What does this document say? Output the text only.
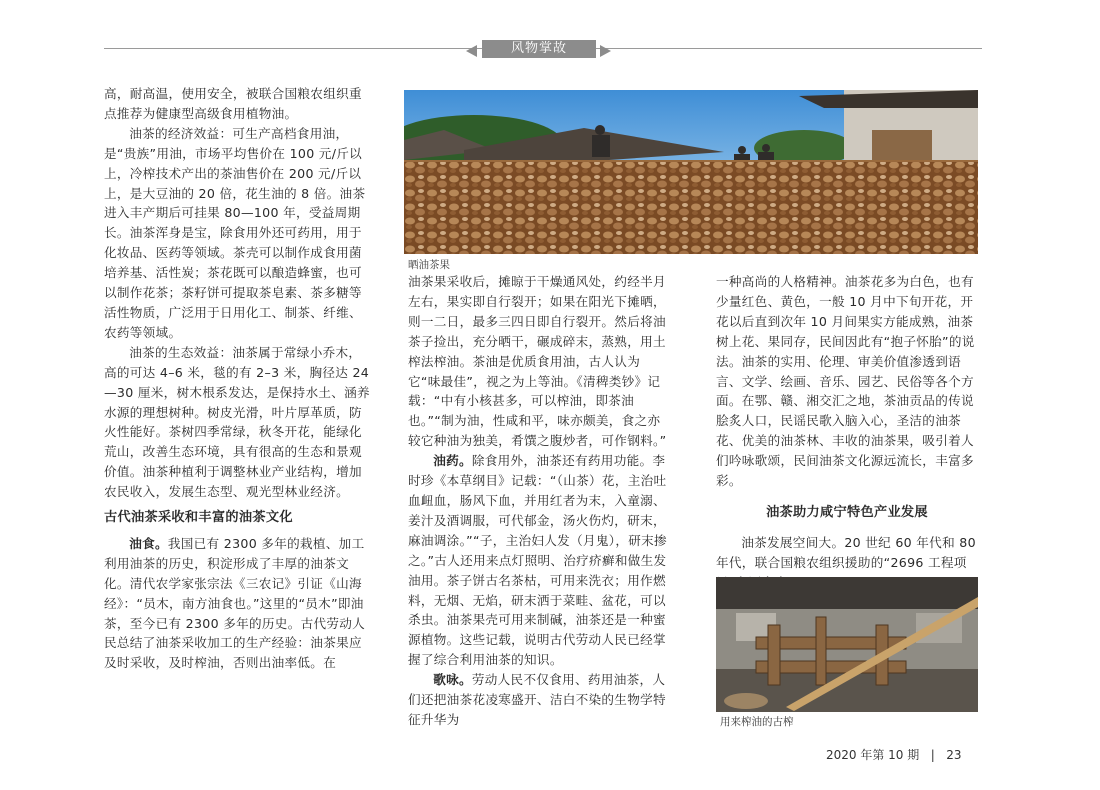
风物掌故

高，耐高温，使用安全，被联合国粮农组织重点推荐为健康型高级食用植物油。

油茶的经济效益：可生产高档食用油，是“贵族”用油，市场平均售价在 100 元/斤以上，冷榨技术产出的茶油售价在 200 元/斤以上，是大豆油的 20 倍，花生油的 8 倍。油茶进入丰产期后可挂果 80—100 年，受益周期长。油茶浑身是宝，除食用外还可药用，用于化妆品、医药等领域。茶壳可以制作成食用菌培养基、活性炭；茶花既可以酿造蜂蜜，也可以制作花茶；茶籽饼可提取茶皂素、茶多糖等活性物质，广泛用于日用化工、制茶、纤维、农药等领域。

油茶的生态效益：油茶属于常绿小乔木，高的可达 4–6 米，毯的有 2–3 米，胸径达 24—30 厘米，树木根系发达，是保持水土、涵养水源的理想树种。树皮光滑，叶片厚革质，防火性能好。茶树四季常绿，秋冬开花，能绿化荒山，改善生态环境，具有很高的生态和景观价值。油茶种植利于调整林业产业结构，增加农民收入，发展生态型、观光型林业经济。

古代油茶采收和丰富的油茶文化

油食。我国已有 2300 多年的栽植、加工利用油茶的历史，积淀形成了丰厚的油茶文化。清代农学家张宗法《三农记》引证《山海经》：“员木，南方油食也。”这里的“员木”即油茶，至今已有 2300 多年的历史。古代劳动人民总结了油茶采收加工的生产经验：油茶果应及时采收，及时榨油，否则出油率低。在

晒油茶果

油茶果采收后，摊晾于干燥通风处，约经半月左右，果实即自行裂开；如果在阳光下摊晒，则一二日，最多三四日即自行裂开。然后将油茶子捡出，充分晒干，碾成碎末，蒸熟，用土榨法榨油。茶油是优质食用油，古人认为它“味最佳”，视之为上等油。《清稗类钞》记载：“中有小核甚多，可以榨油，即茶油也。”“制为油，性咸和平，味亦颇美，食之亦较它种油为独美，肴馔之腹炒者，可作钢料。”

油药。除食用外，油茶还有药用功能。李时珍《本草纲目》记载：“（山茶）花，主治吐血衄血，肠风下血，并用红者为末，入童溺、姜汁及酒调服，可代郁金，汤火伤灼，研末，麻油调涂。”“子，主治妇人发（月鬼），研末掺之。”古人还用来点灯照明、治疗疥癣和做生发油用。茶子饼古名茶枯，可用来洗衣；用作燃料，无烟、无焰，研末洒于菜畦、盆花，可以杀虫。油茶果壳可用来制碱，油茶还是一种蜜源植物。这些记载，说明古代劳动人民已经掌握了综合利用油茶的知识。

歌咏。劳动人民不仅食用、药用油茶，人们还把油茶花凌寒盛开、洁白不染的生物学特征升华为

一种高尚的人格精神。油茶花多为白色，也有少量红色、黄色，一般 10 月中下旬开花，开花以后直到次年 10 月间果实方能成熟，油茶树上花、果同存，民间因此有“抱子怀胎”的说法。油茶的实用、伦理、审美价值渗透到语言、文学、绘画、音乐、园艺、民俗等各个方面。在鄂、赣、湘交汇之地，茶油贡品的传说脍炙人口，民谣民歌入脑入心，圣洁的油茶花、优美的油茶林、丰收的油茶果，吸引着人们吟咏歌颂，民间油茶文化源远流长，丰富多彩。

油茶助力咸宁特色产业发展

油茶发展空间大。20 世纪 60 年代和 80 年代，联合国粮农组织援助的“2696 工程项

用来榨油的古榨
2020 年第 10 期 | 23
